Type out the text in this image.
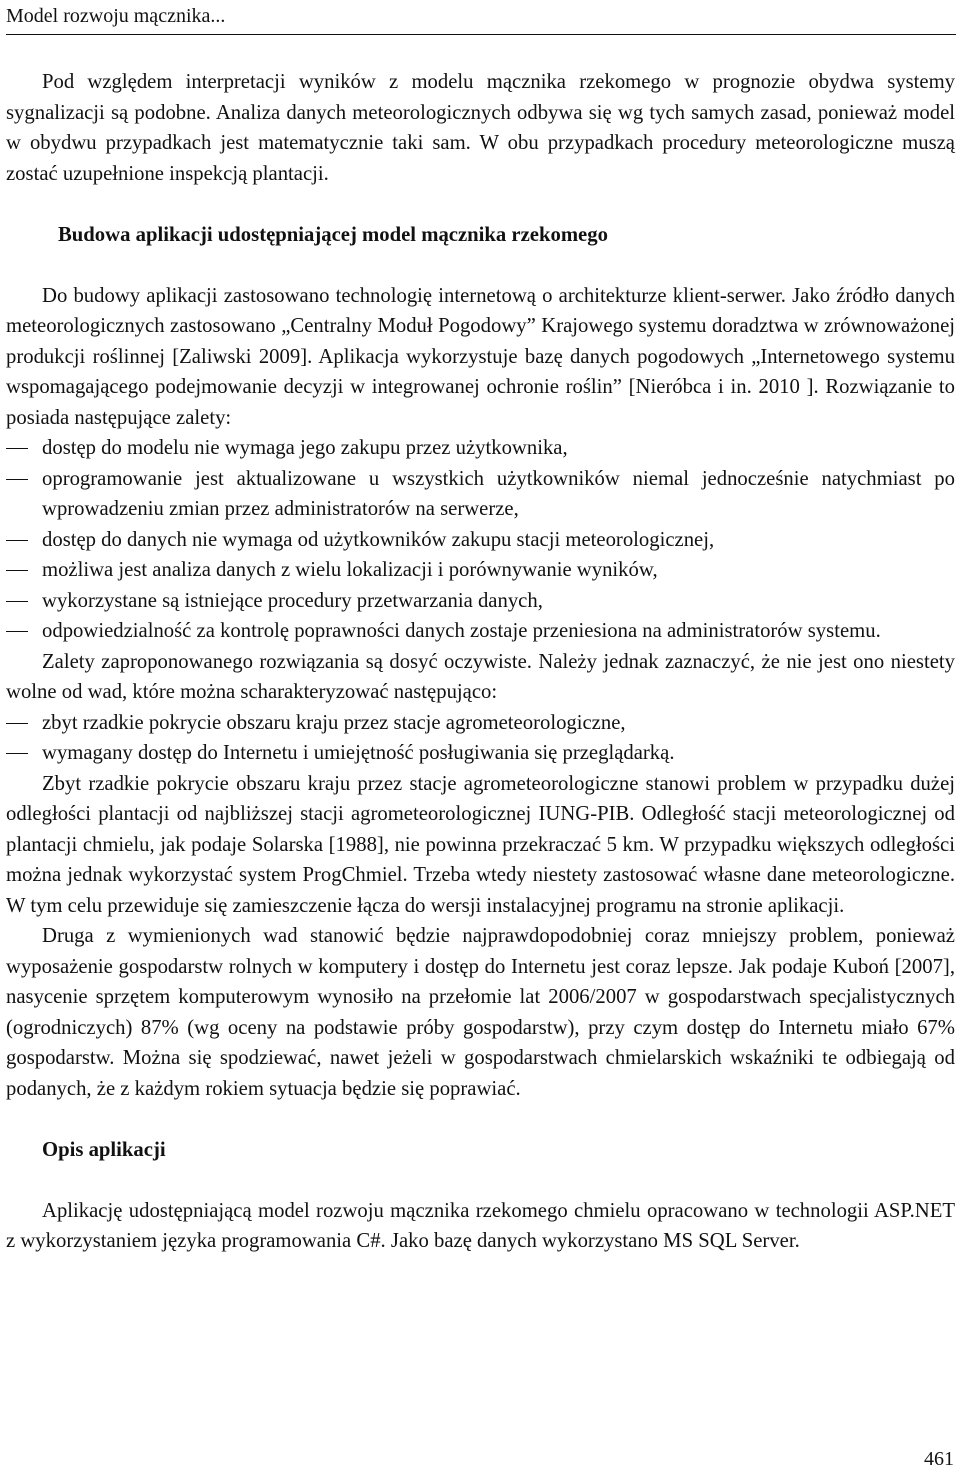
Model rozwoju mącznika...

Pod względem interpretacji wyników z modelu mącznika rzekomego w prognozie obydwa systemy sygnalizacji są podobne. Analiza danych meteorologicznych odbywa się wg tych samych zasad, ponieważ model w obydwu przypadkach jest matematycznie taki sam. W obu przypadkach procedury meteorologiczne muszą zostać uzupełnione inspekcją plantacji.

Budowa aplikacji udostępniającej model mącznika rzekomego

Do budowy aplikacji zastosowano technologię internetową o architekturze klient-serwer. Jako źródło danych meteorologicznych zastosowano „Centralny Moduł Pogodowy” Krajowego systemu doradztwa w zrównoważonej produkcji roślinnej [Zaliwski 2009]. Aplikacja wykorzystuje bazę danych pogodowych „Internetowego systemu wspomagającego podejmowanie decyzji w integrowanej ochronie roślin” [Nieróbca i in. 2010 ]. Rozwiązanie to posiada następujące zalety:

dostęp do modelu nie wymaga jego zakupu przez użytkownika,
oprogramowanie jest aktualizowane u wszystkich użytkowników niemal jednocześnie natychmiast po wprowadzeniu zmian przez administratorów na serwerze,
dostęp do danych nie wymaga od użytkowników zakupu stacji meteorologicznej,
możliwa jest analiza danych z wielu lokalizacji i porównywanie wyników,
wykorzystane są istniejące procedury przetwarzania danych,
odpowiedzialność za kontrolę poprawności danych zostaje przeniesiona na administratorów systemu.

Zalety zaproponowanego rozwiązania są dosyć oczywiste. Należy jednak zaznaczyć, że nie jest ono niestety wolne od wad, które można scharakteryzować następująco:

zbyt rzadkie pokrycie obszaru kraju przez stacje agrometeorologiczne,
wymagany dostęp do Internetu i umiejętność posługiwania się przeglądarką.

Zbyt rzadkie pokrycie obszaru kraju przez stacje agrometeorologiczne stanowi problem w przypadku dużej odległości plantacji od najbliższej stacji agrometeorologicznej IUNG-PIB. Odległość stacji meteorologicznej od plantacji chmielu, jak podaje Solarska [1988], nie powinna przekraczać 5 km. W przypadku większych odległości można jednak wykorzystać system ProgChmiel. Trzeba wtedy niestety zastosować własne dane meteorologiczne. W tym celu przewiduje się zamieszczenie łącza do wersji instalacyjnej programu na stronie aplikacji.

Druga z wymienionych wad stanowić będzie najprawdopodobniej coraz mniejszy problem, ponieważ wyposażenie gospodarstw rolnych w komputery i dostęp do Internetu jest coraz lepsze. Jak podaje Kuboń [2007], nasycenie sprzętem komputerowym wynosiło na przełomie lat 2006/2007 w gospodarstwach specjalistycznych (ogrodniczych) 87% (wg oceny na podstawie próby gospodarstw), przy czym dostęp do Internetu miało 67% gospodarstw. Można się spodziewać, nawet jeżeli w gospodarstwach chmielarskich wskaźniki te odbiegają od podanych, że z każdym rokiem sytuacja będzie się poprawiać.

Opis aplikacji

Aplikację udostępniającą model rozwoju mącznika rzekomego chmielu opracowano w technologii ASP.NET z wykorzystaniem języka programowania C#. Jako bazę danych wykorzystano MS SQL Server.

461
